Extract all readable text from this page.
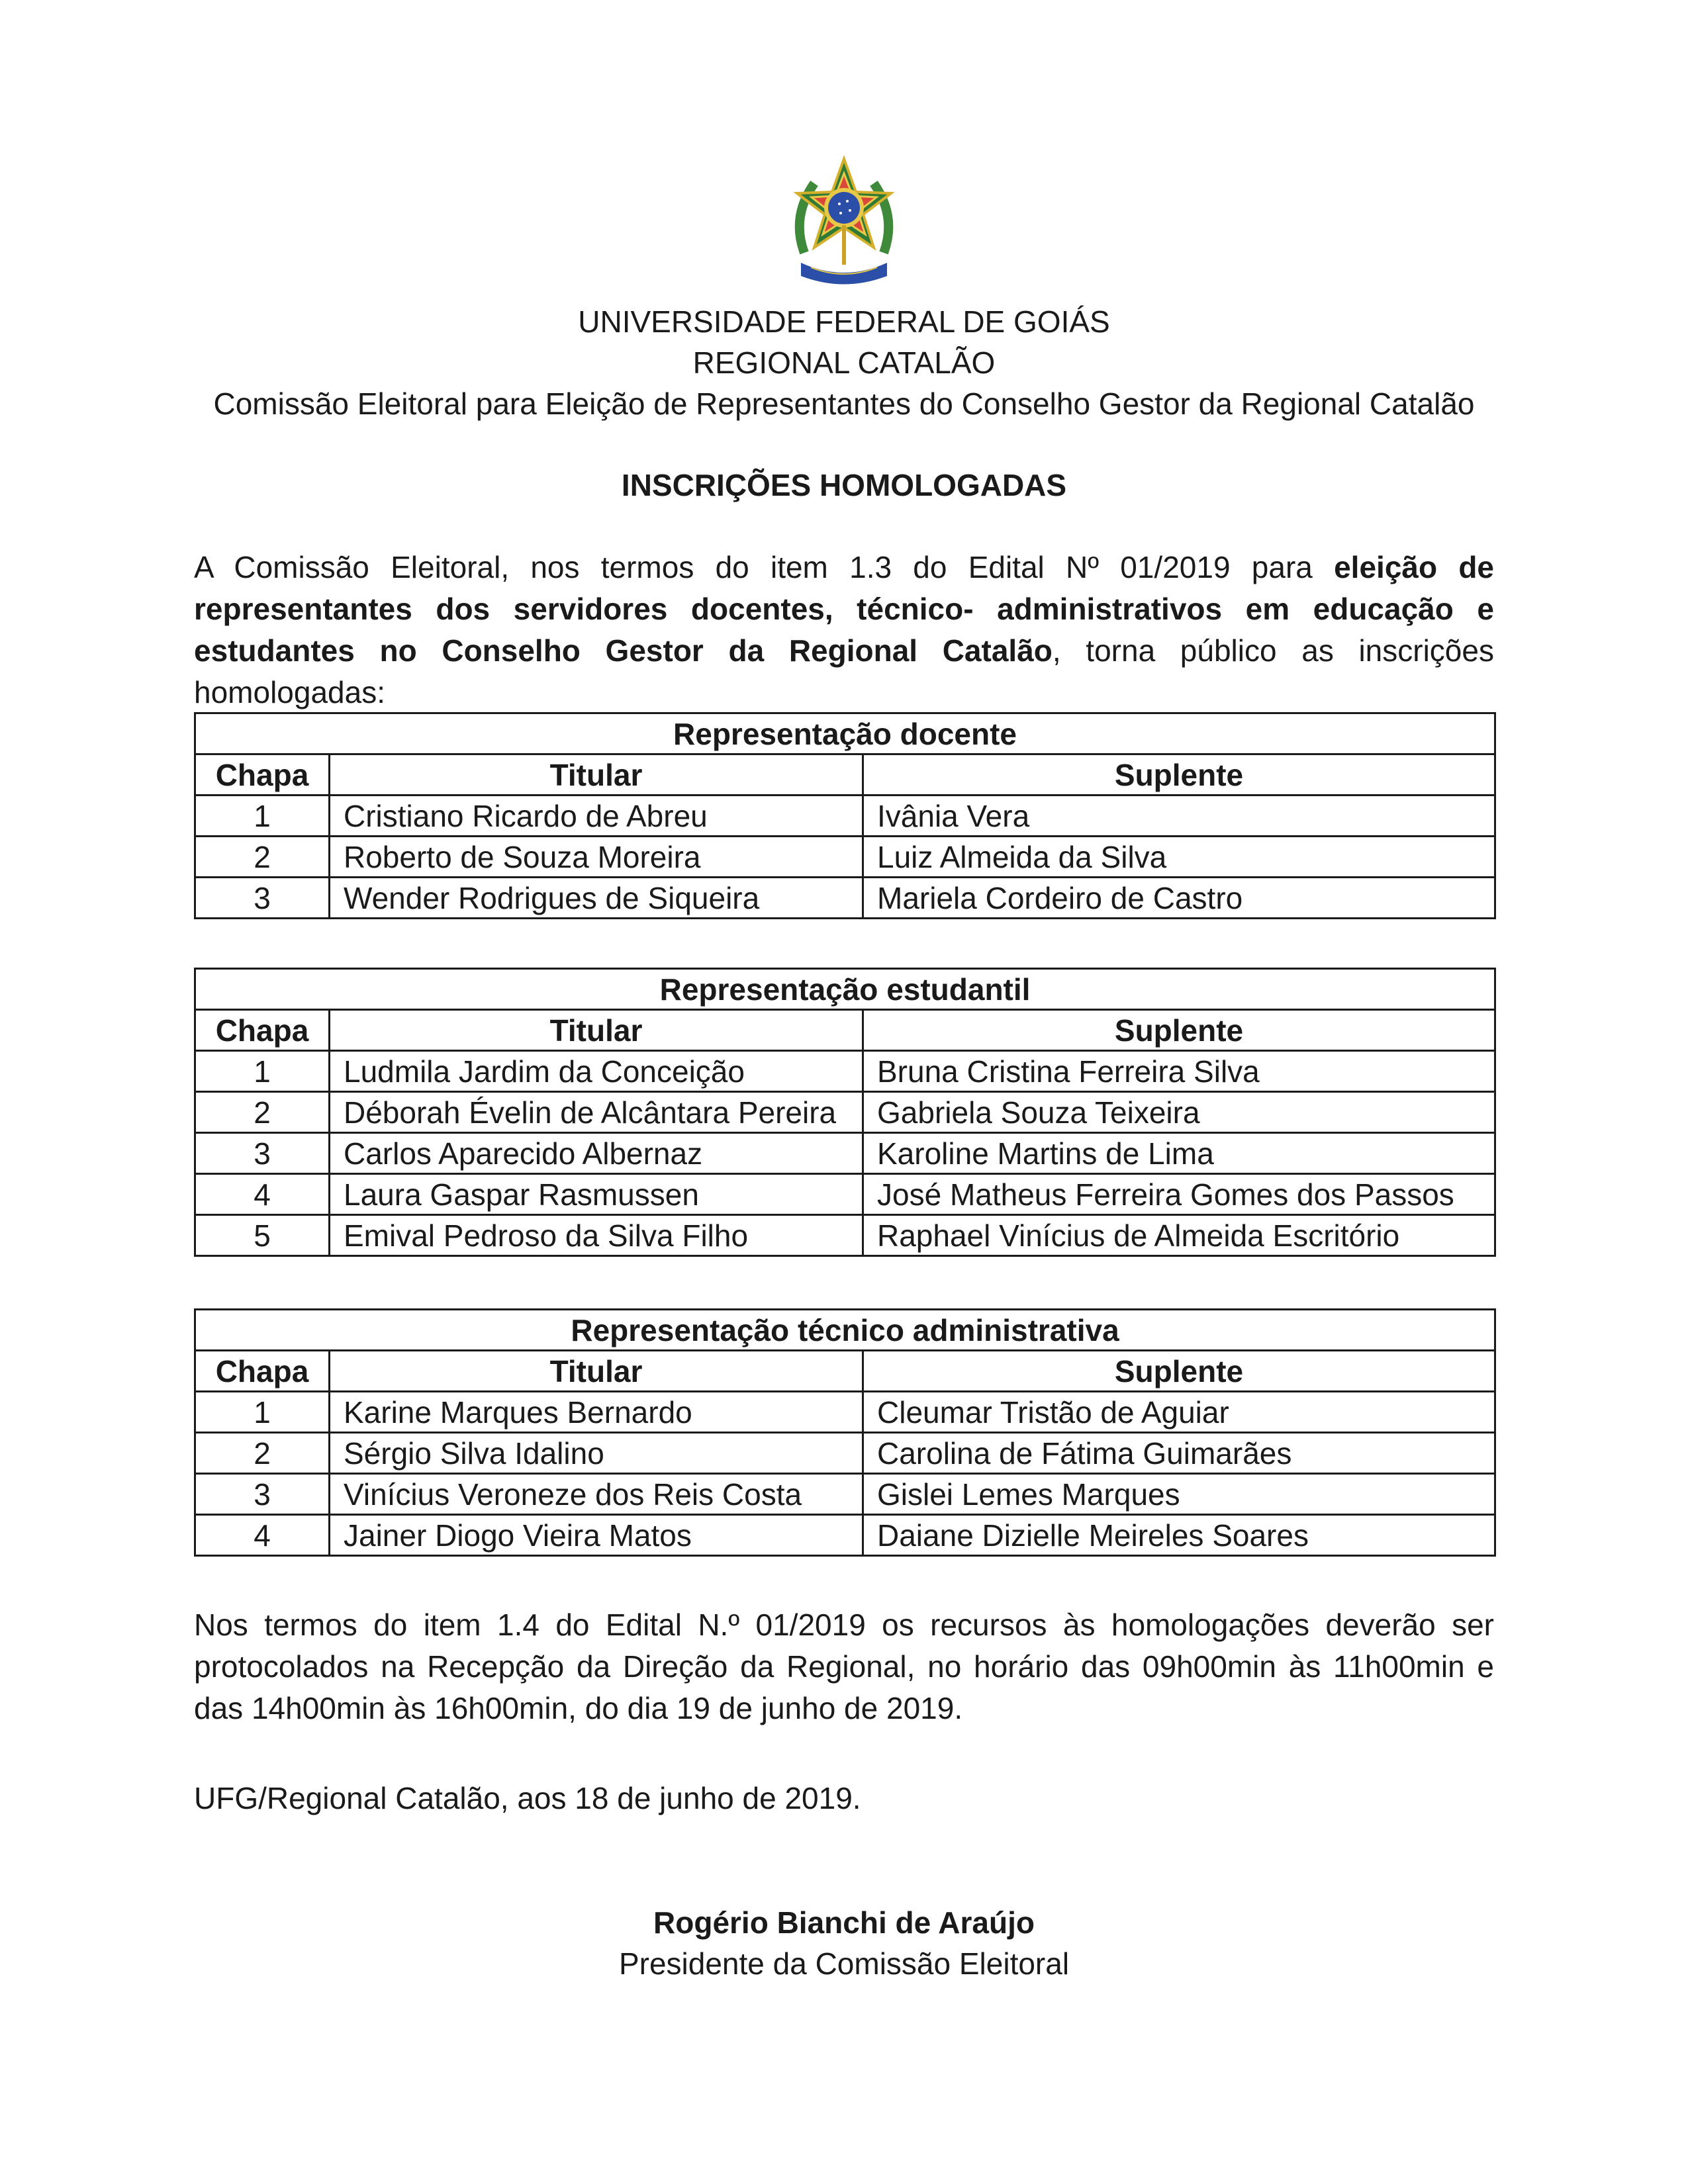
UNIVERSIDADE FEDERAL DE GOIÁS
REGIONAL CATALÃO
Comissão Eleitoral para Eleição de Representantes do Conselho Gestor da Regional Catalão
INSCRIÇÕES HOMOLOGADAS
A Comissão Eleitoral, nos termos do item 1.3 do Edital Nº 01/2019 para eleição de representantes dos servidores docentes, técnico- administrativos em educação e estudantes no Conselho Gestor da Regional Catalão, torna público as inscrições homologadas:
Representação docente		
Chapa	Titular	Suplente
1	Cristiano Ricardo de Abreu	Ivânia Vera
2	Roberto de Souza Moreira	Luiz Almeida da Silva
3	Wender Rodrigues de Siqueira	Mariela Cordeiro de Castro
Representação estudantil		
Chapa	Titular	Suplente
1	Ludmila Jardim da Conceição	Bruna Cristina Ferreira Silva
2	Déborah Évelin de Alcântara Pereira	Gabriela Souza Teixeira
3	Carlos Aparecido Albernaz	Karoline Martins de Lima
4	Laura Gaspar Rasmussen	José Matheus Ferreira Gomes dos Passos
5	Emival Pedroso da Silva Filho	Raphael Vinícius de Almeida Escritório
Representação técnico administrativa		
Chapa	Titular	Suplente
1	Karine Marques Bernardo	Cleumar Tristão de Aguiar
2	Sérgio Silva Idalino	Carolina de Fátima Guimarães
3	Vinícius Veroneze dos Reis Costa	Gislei Lemes Marques
4	Jainer Diogo Vieira Matos	Daiane Dizielle Meireles Soares
Nos termos do item 1.4 do Edital N.º 01/2019 os recursos às homologações deverão ser protocolados na Recepção da Direção da Regional, no horário das 09h00min às 11h00min e das 14h00min às 16h00min, do dia 19 de junho de 2019.
UFG/Regional Catalão, aos 18 de junho de 2019.
Rogério Bianchi de Araújo
Presidente da Comissão Eleitoral
